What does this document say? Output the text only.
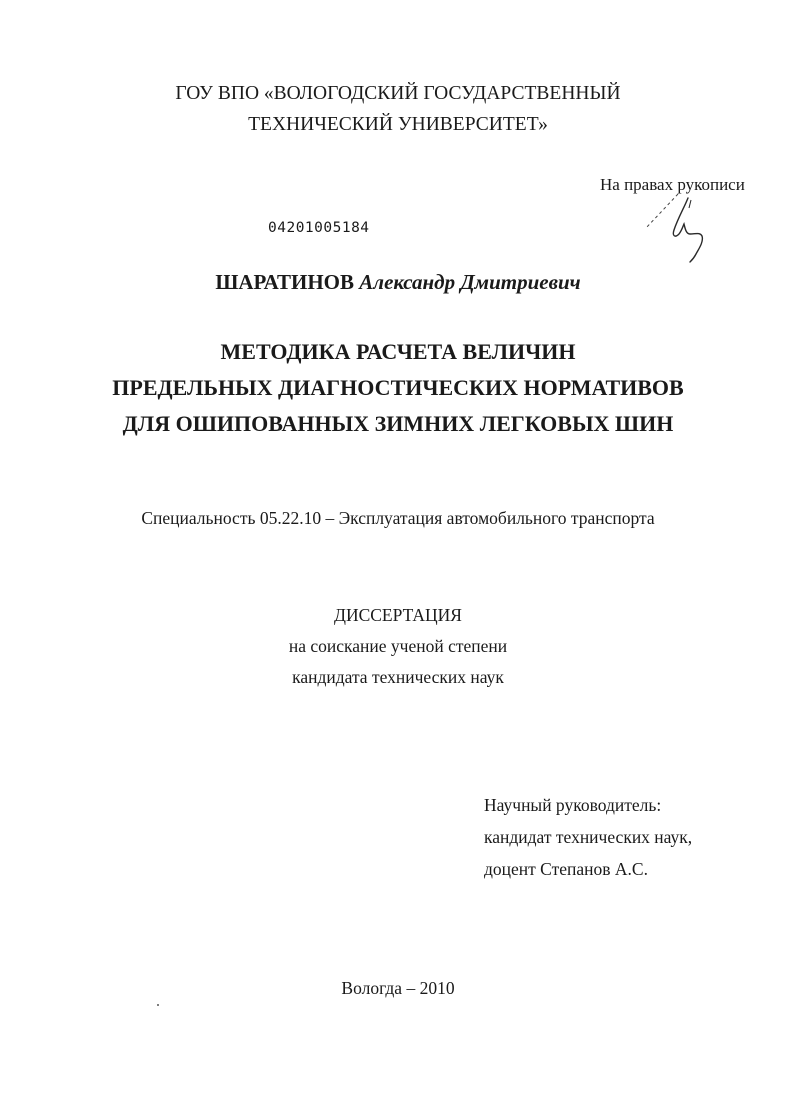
ГОУ ВПО «ВОЛОГОДСКИЙ ГОСУДАРСТВЕННЫЙ
ТЕХНИЧЕСКИЙ УНИВЕРСИТЕТ»
На правах рукописи
04201005184
ШАРАТИНОВ Александр Дмитриевич
МЕТОДИКА РАСЧЕТА ВЕЛИЧИН
ПРЕДЕЛЬНЫХ ДИАГНОСТИЧЕСКИХ НОРМАТИВОВ
ДЛЯ ОШИПОВАННЫХ ЗИМНИХ ЛЕГКОВЫХ ШИН
Специальность 05.22.10 – Эксплуатация автомобильного транспорта
ДИССЕРТАЦИЯ
на соискание ученой степени
кандидата технических наук
Научный руководитель:
кандидат технических наук,
доцент Степанов А.С.
Вологда – 2010
